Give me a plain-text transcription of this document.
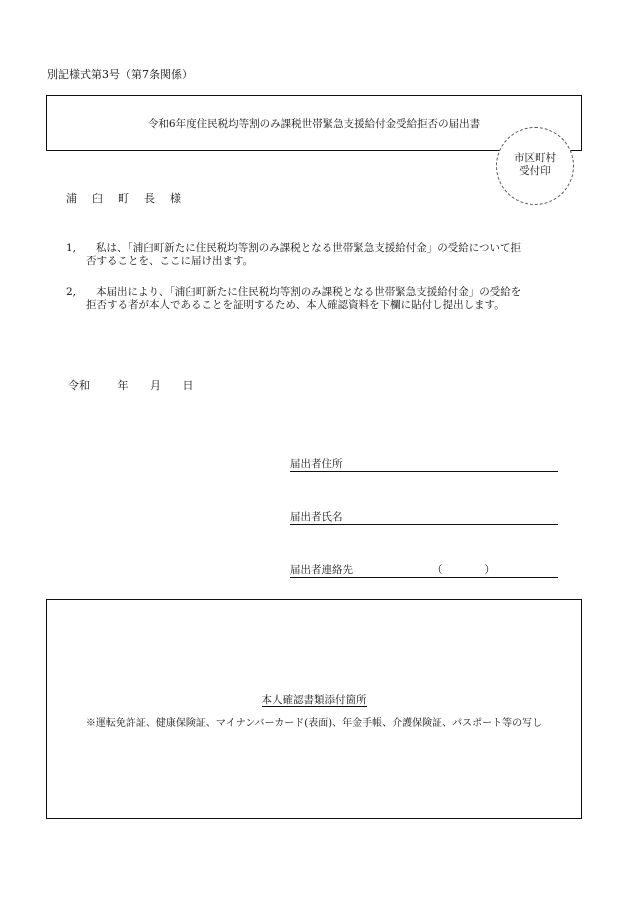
別記様式第3号（第7条関係）
令和6年度住民税均等割のみ課税世帯緊急支援給付金受給拒否の届出書
市区町村
受付印
浦臼町長様
1,	私は、「浦臼町新たに住民税均等割のみ課税となる世帯緊急支援給付金」の受給について拒
否することを、ここに届け出ます。
2,	本届出により、「浦臼町新たに住民税均等割のみ課税となる世帯緊急支援給付金」の受給を
拒否する者が本人であることを証明するため、本人確認資料を下欄に貼付し提出します。
令和	年 月 日
届出者住所
届出者氏名
届出者連絡先	（　　　　）
本人確認書類添付箇所
※運転免許証、健康保険証、マイナンバーカード(表面)、年金手帳、介護保険証、パスポート等の写し
